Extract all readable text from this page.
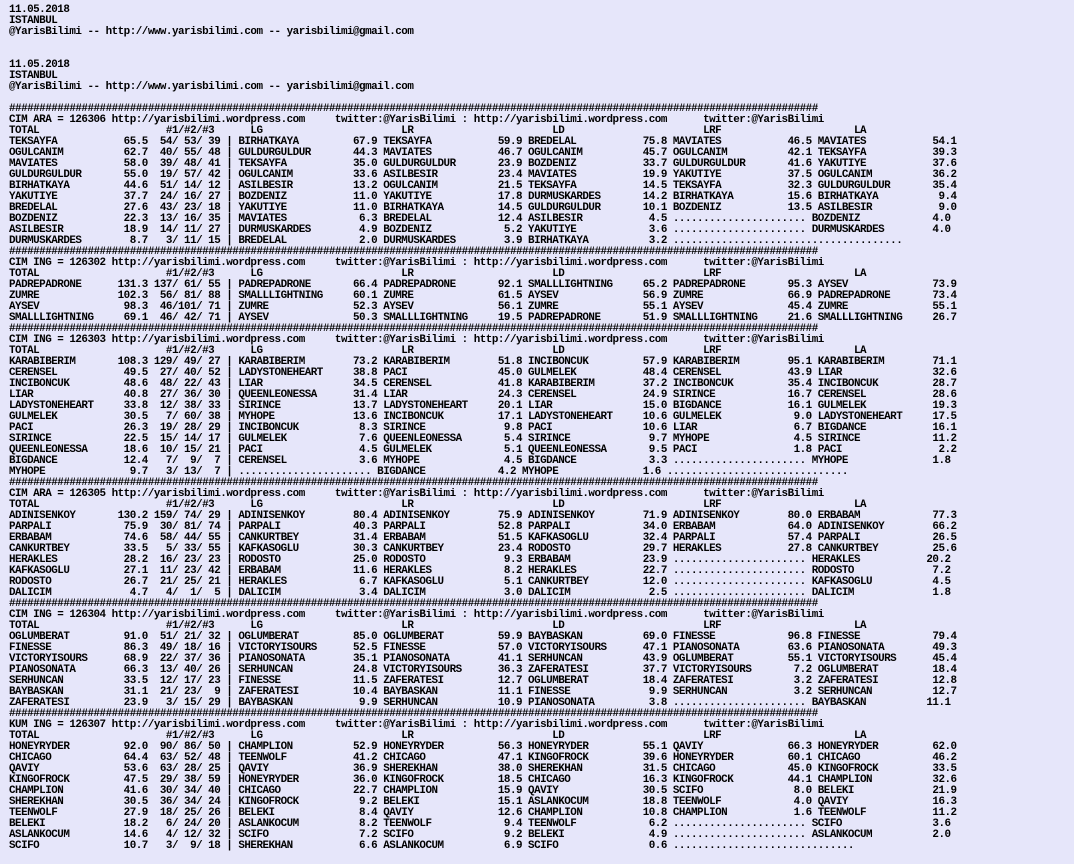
11.05.2018
ISTANBUL
@YarisBilimi -- http://www.yarisbilimi.com -- yarisbilimi@gmail.com

11.05.2018
ISTANBUL
@YarisBilimi -- http://www.yarisbilimi.com -- yarisbilimi@gmail.com

######################################################################################################################################
CIM ARA = 126306 http://yarisbilimi.wordpress.com     twitter:@YarisBilimi : http://yarisbilimi.wordpress.com      twitter:@YarisBilimi
TOTAL                     #1/#2/#3      LG                       LR                       LD                       LRF                      LA
TEKSAYFA           65.5  54/ 53/ 39 | BIRHATKAYA         67.9 TEKSAYFA           59.9 BREDELAL           75.8 MAVIATES           46.5 MAVIATES           54.1
OGULCANIM          62.7  40/ 55/ 48 | GULDURGULDUR       44.3 MAVIATES           46.7 OGULCANIM          45.7 OGULCANIM          42.1 TEKSAYFA           39.3
MAVIATES           58.0  39/ 48/ 41 | TEKSAYFA           35.0 GULDURGULDUR       23.9 BOZDENIZ           33.7 GULDURGULDUR       41.6 YAKUTIYE           37.6
GULDURGULDUR       55.0  19/ 57/ 42 | OGULCANIM          33.6 ASILBESIR          23.4 MAVIATES           19.9 YAKUTIYE           37.5 OGULCANIM          36.2
BIRHATKAYA         44.6  51/ 14/ 12 | ASILBESIR          13.2 OGULCANIM          21.5 TEKSAYFA           14.5 TEKSAYFA           32.3 GULDURGULDUR       35.4
YAKUTIYE           37.7  24/ 16/ 27 | BOZDENIZ           11.0 YAKUTIYE           17.8 DURMUSKARDES       14.2 BIRHATKAYA         15.6 BIRHATKAYA          9.4
BREDELAL           27.6  43/ 23/ 18 | YAKUTIYE           11.0 BIRHATKAYA         14.5 GULDURGULDUR       10.1 BOZDENIZ           13.5 ASILBESIR           9.0
BOZDENIZ           22.3  13/ 16/ 35 | MAVIATES            6.3 BREDELAL           12.4 ASILBESIR           4.5 ...................... BOZDENIZ            4.0
ASILBESIR          18.9  14/ 11/ 27 | DURMUSKARDES        4.9 BOZDENIZ            5.2 YAKUTIYE            3.6 ...................... DURMUSKARDES        4.0
DURMUSKARDES        8.7   3/ 11/ 15 | BREDELAL            2.0 DURMUSKARDES        3.9 BIRHATKAYA          3.2 ......................................
######################################################################################################################################
CIM ING = 126302 http://yarisbilimi.wordpress.com     twitter:@YarisBilimi : http://yarisbilimi.wordpress.com      twitter:@YarisBilimi
TOTAL                     #1/#2/#3      LG                       LR                       LD                       LRF                      LA
PADREPADRONE      131.3 137/ 61/ 55 | PADREPADRONE       66.4 PADREPADRONE       92.1 SMALLLIGHTNING     65.2 PADREPADRONE       95.3 AYSEV              73.9
ZUMRE             102.3  56/ 81/ 88 | SMALLLIGHTNING     60.1 ZUMRE              61.5 AYSEV              56.9 ZUMRE              66.9 PADREPADRONE       73.4
AYSEV              98.3  46/101/ 71 | ZUMRE              52.3 AYSEV              56.1 ZUMRE              55.1 AYSEV              45.4 ZUMRE              55.1
SMALLLIGHTNING     69.1  46/ 42/ 71 | AYSEV              50.3 SMALLLIGHTNING     19.5 PADREPADRONE       51.9 SMALLLIGHTNING     21.6 SMALLLIGHTNING     26.7
######################################################################################################################################
CIM ING = 126303 http://yarisbilimi.wordpress.com     twitter:@YarisBilimi : http://yarisbilimi.wordpress.com      twitter:@YarisBilimi
TOTAL                     #1/#2/#3      LG                       LR                       LD                       LRF                      LA
KARABIBERIM       108.3 129/ 49/ 27 | KARABIBERIM        73.2 KARABIBERIM        51.8 INCIBONCUK         57.9 KARABIBERIM        95.1 KARABIBERIM        71.1
CERENSEL           49.5  27/ 40/ 52 | LADYSTONEHEART     38.8 PACI               45.0 GULMELEK           48.4 CERENSEL           43.9 LIAR               32.6
INCIBONCUK         48.6  48/ 22/ 43 | LIAR               34.5 CERENSEL           41.8 KARABIBERIM        37.2 INCIBONCUK         35.4 INCIBONCUK         28.7
LIAR               40.8  27/ 36/ 30 | QUEENLEONESSA      31.4 LIAR               24.3 CERENSEL           24.9 SIRINCE            16.7 CERENSEL           28.6
LADYSTONEHEART     33.8  12/ 38/ 33 | SIRINCE            13.7 LADYSTONEHEART     20.1 LIAR               15.0 BIGDANCE           16.1 GULMELEK           19.3
GULMELEK           30.5   7/ 60/ 38 | MYHOPE             13.6 INCIBONCUK         17.1 LADYSTONEHEART     10.6 GULMELEK            9.0 LADYSTONEHEART     17.5
PACI               26.3  19/ 28/ 29 | INCIBONCUK          8.3 SIRINCE             9.8 PACI               10.6 LIAR                6.7 BIGDANCE           16.1
SIRINCE            22.5  15/ 14/ 17 | GULMELEK            7.6 QUEENLEONESSA       5.4 SIRINCE             9.7 MYHOPE              4.5 SIRINCE            11.2
QUEENLEONESSA      18.6  10/ 15/ 21 | PACI                4.5 GULMELEK            5.1 QUEENLEONESSA       9.5 PACI                1.8 PACI                2.2
BIGDANCE           12.4   7/  9/  7 | CERENSEL            3.6 MYHOPE              4.5 BIGDANCE            3.3 ...................... MYHOPE              1.8
MYHOPE              9.7   3/ 13/  7 | ...................... BIGDANCE            4.2 MYHOPE              1.6 ..............................
######################################################################################################################################
CIM ARA = 126305 http://yarisbilimi.wordpress.com     twitter:@YarisBilimi : http://yarisbilimi.wordpress.com      twitter:@YarisBilimi
TOTAL                     #1/#2/#3      LG                       LR                       LD                       LRF                      LA
ADINISENKOY       130.2 159/ 74/ 29 | ADINISENKOY        80.4 ADINISENKOY        75.9 ADINISENKOY        71.9 ADINISENKOY        80.0 ERBABAM            77.3
PARPALI            75.9  30/ 81/ 74 | PARPALI            40.3 PARPALI            52.8 PARPALI            34.0 ERBABAM            64.0 ADINISENKOY        66.2
ERBABAM            74.6  58/ 44/ 55 | CANKURTBEY         31.4 ERBABAM            51.5 KAFKASOGLU         32.4 PARPALI            57.4 PARPALI            26.5
CANKURTBEY         33.5   5/ 33/ 55 | KAFKASOGLU         30.3 CANKURTBEY         23.4 RODOSTO            29.7 HERAKLES           27.8 CANKURTBEY         25.6
HERAKLES           28.2  16/ 23/ 23 | RODOSTO            25.0 RODOSTO             9.3 ERBABAM            23.9 ...................... HERAKLES           20.2
KAFKASOGLU         27.1  11/ 23/ 42 | ERBABAM            11.6 HERAKLES            8.2 HERAKLES           22.7 ...................... RODOSTO             7.2
RODOSTO            26.7  21/ 25/ 21 | HERAKLES            6.7 KAFKASOGLU          5.1 CANKURTBEY         12.0 ...................... KAFKASOGLU          4.5
DALICIM             4.7   4/  1/  5 | DALICIM             3.4 DALICIM             3.0 DALICIM             2.5 ...................... DALICIM             1.8
######################################################################################################################################
CIM ING = 126304 http://yarisbilimi.wordpress.com     twitter:@YarisBilimi : http://yarisbilimi.wordpress.com      twitter:@YarisBilimi
TOTAL                     #1/#2/#3      LG                       LR                       LD                       LRF                      LA
OGLUMBERAT         91.0  51/ 21/ 32 | OGLUMBERAT         85.0 OGLUMBERAT         59.9 BAYBASKAN          69.0 FINESSE            96.8 FINESSE            79.4
FINESSE            86.3  49/ 18/ 16 | VICTORYISOURS      52.5 FINESSE            57.0 VICTORYISOURS      47.1 PIANOSONATA        63.6 PIANOSONATA        49.3
VICTORYISOURS      68.9  22/ 37/ 36 | PIANOSONATA        35.1 PIANOSONATA        41.1 SERHUNCAN          43.9 OGLUMBERAT         55.1 VICTORYISOURS      45.4
PIANOSONATA        66.3  13/ 40/ 26 | SERHUNCAN          24.8 VICTORYISOURS      36.3 ZAFERATESI         37.7 VICTORYISOURS       7.2 OGLUMBERAT         18.4
SERHUNCAN          33.5  12/ 17/ 23 | FINESSE            11.5 ZAFERATESI         12.7 OGLUMBERAT         18.4 ZAFERATESI          3.2 ZAFERATESI         12.8
BAYBASKAN          31.1  21/ 23/  9 | ZAFERATESI         10.4 BAYBASKAN          11.1 FINESSE             9.9 SERHUNCAN           3.2 SERHUNCAN          12.7
ZAFERATESI         23.9   3/ 15/ 29 | BAYBASKAN           9.9 SERHUNCAN          10.9 PIANOSONATA         3.8 ...................... BAYBASKAN          11.1
######################################################################################################################################
KUM ING = 126307 http://yarisbilimi.wordpress.com     twitter:@YarisBilimi : http://yarisbilimi.wordpress.com      twitter:@YarisBilimi
TOTAL                     #1/#2/#3      LG                       LR                       LD                       LRF                      LA
HONEYRYDER         92.0  90/ 86/ 50 | CHAMPLION          52.9 HONEYRYDER         56.3 HONEYRYDER         55.1 QAVIY              66.3 HONEYRYDER         62.0
CHICAGO            64.4  63/ 52/ 48 | TEENWOLF           41.2 CHICAGO            47.1 KINGOFROCK         39.6 HONEYRYDER         60.1 CHICAGO            46.2
QAVIY              53.6  63/ 28/ 25 | QAVIY              36.9 SHEREKHAN          38.0 SHEREKHAN          31.5 CHICAGO            45.0 KINGOFROCK         33.5
KINGOFROCK         47.5  29/ 38/ 59 | HONEYRYDER         36.0 KINGOFROCK         18.5 CHICAGO            16.3 KINGOFROCK         44.1 CHAMPLION          32.6
CHAMPLION          41.6  30/ 34/ 40 | CHICAGO            22.7 CHAMPLION          15.9 QAVIY              30.5 SCIFO               8.0 BELEKI             21.9
SHEREKHAN          30.5  36/ 34/ 24 | KINGOFROCK          9.2 BELEKI             15.1 ASLANKOCUM         18.8 TEENWOLF            4.0 QAVIY              16.3
TEENWOLF           27.9  18/ 25/ 26 | BELEKI              8.4 QAVIY              12.6 CHAMPLION          10.8 CHAMPLION           1.6 TEENWOLF           11.2
BELEKI             18.2   6/ 24/ 20 | ASLANKOCUM          8.2 TEENWOLF            9.4 TEENWOLF            6.2 ...................... SCIFO               3.6
ASLANKOCUM         14.6   4/ 12/ 32 | SCIFO               7.2 SCIFO               9.2 BELEKI              4.9 ...................... ASLANKOCUM          2.0
SCIFO              10.7   3/  9/ 18 | SHEREKHAN           6.6 ASLANKOCUM          6.9 SCIFO               0.6 ..............................
